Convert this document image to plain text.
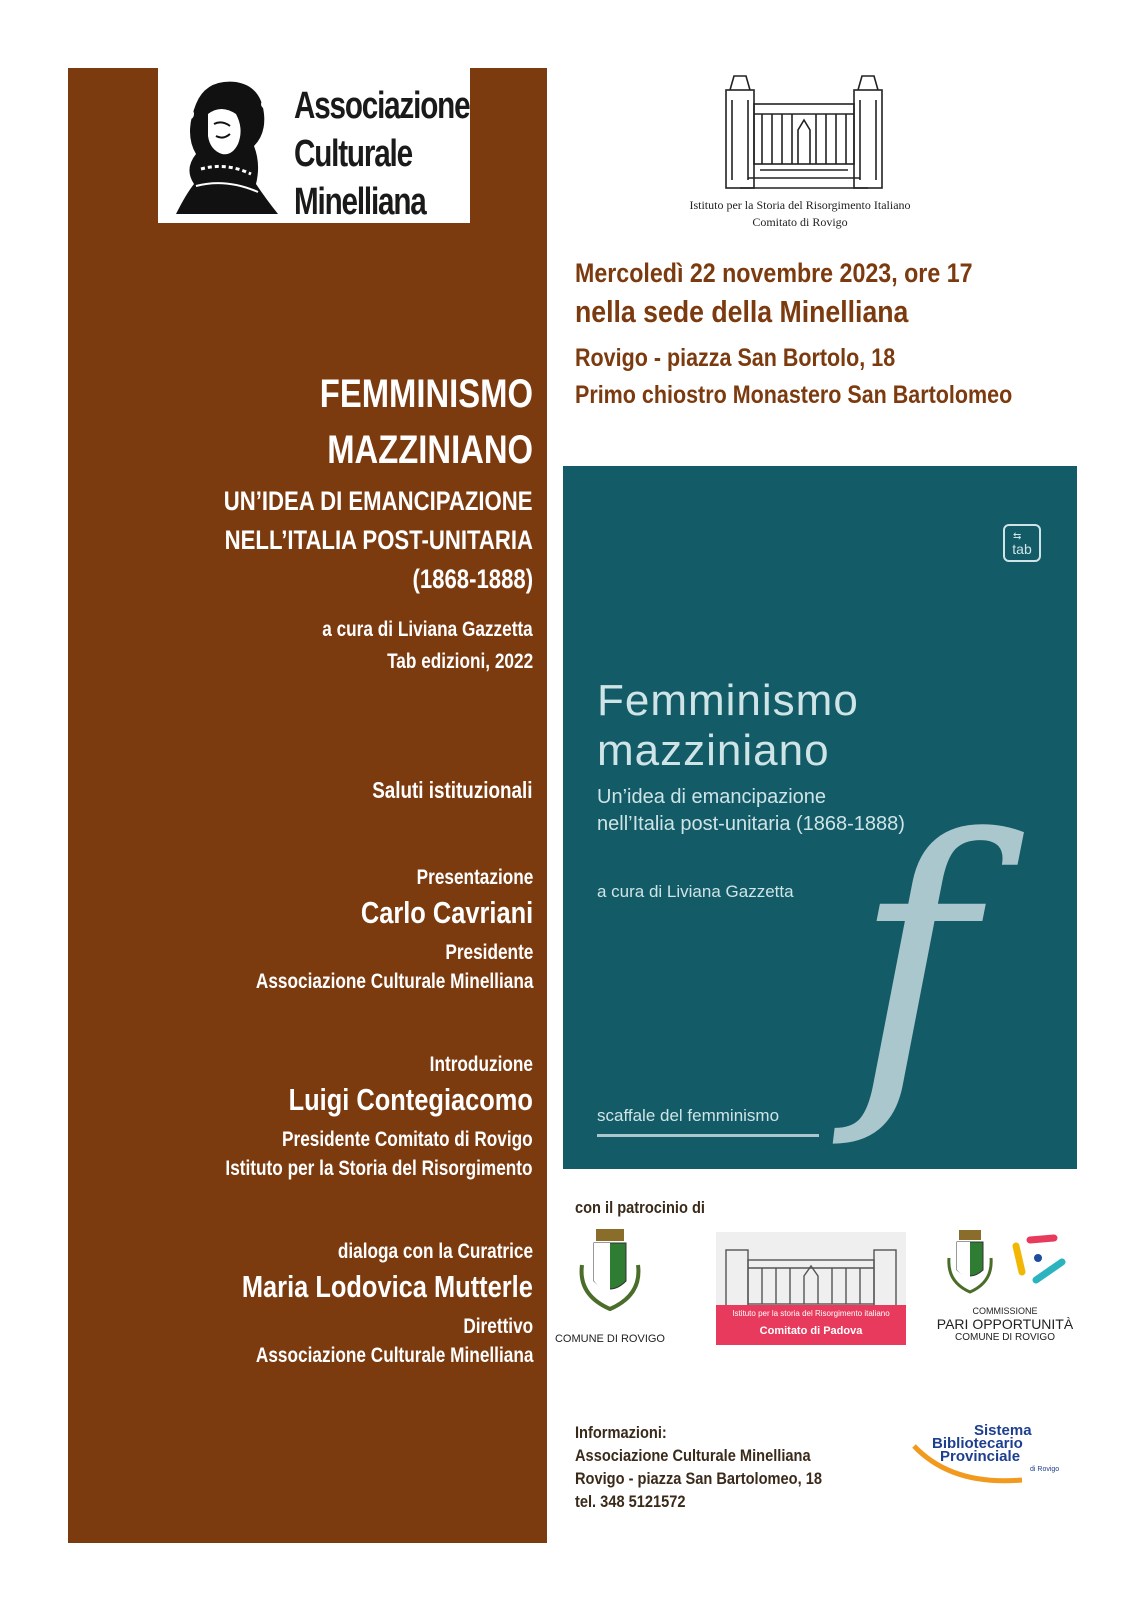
Associazione
Culturale
Minelliana	Istituto per la Storia del Risorgimento Italiano
Comitato di Rovigo
Mercoledì 22 novembre 2023, ore 17
nella sede della Minelliana
Rovigo - piazza San Bortolo, 18
Primo chiostro Monastero San Bartolomeo
FEMMINISMO
MAZZINIANO
UN’IDEA DI EMANCIPAZIONE
NELL’ITALIA POST-UNITARIA
(1868-1888)
a cura di Liviana Gazzetta
Tab edizioni, 2022
Saluti istituzionali
Presentazione
Carlo Cavriani
Presidente
Associazione Culturale Minelliana
Introduzione
Luigi Contegiacomo
Presidente Comitato di Rovigo
Istituto per la Storia del Risorgimento
dialoga con la Curatrice
Maria Lodovica Mutterle
Direttivo
Associazione Culturale Minelliana
tab
⇆
Femminismo
mazziniano
Un’idea di emancipazione
nell’Italia post-unitaria (1868-1888)
a cura di Liviana Gazzetta f
scaffale del femminismo
con il patrocinio di
COMUNE DI ROVIGO
Istituto per la storia del Risorgimento italiano
Comitato di Padova
COMMISSIONE
PARI OPPORTUNITÀ
COMUNE DI ROVIGO
Informazioni:
Associazione Culturale Minelliana
Rovigo - piazza San Bartolomeo, 18
tel. 348 5121572
Sistema
Bibliotecario
Provinciale
di Rovigo
